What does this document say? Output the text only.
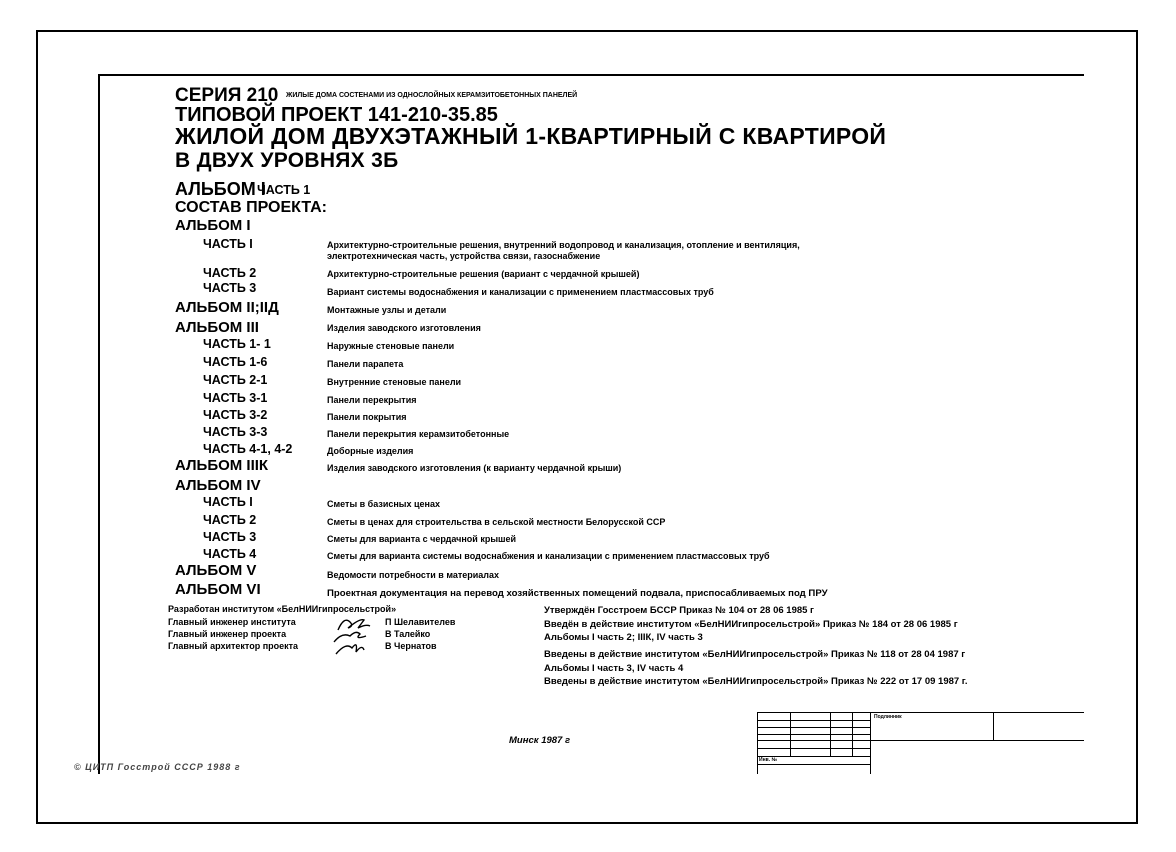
СЕРИЯ 210 ЖИЛЫЕ ДОМА СОСТЕНАМИ ИЗ ОДНОСЛОЙНЫХ КЕРАМЗИТОБЕТОННЫХ ПАНЕЛЕЙ
ТИПОВОЙ ПРОЕКТ 141-210-35.85
ЖИЛОЙ ДОМ ДВУХЭТАЖНЫЙ 1-КВАРТИРНЫЙ С КВАРТИРОЙ
В ДВУХ УРОВНЯХ 3Б
АЛЬБОМ I
ЧАСТЬ 1
СОСТАВ ПРОЕКТА:
АЛЬБОМ I
ЧАСТЬ I	Архитектурно-строительные решения, внутренний водопровод и канализация, отопление и вентиляция,
электротехническая часть, устройства связи, газоснабжение
ЧАСТЬ 2	Архитектурно-строительные решения (вариант с чердачной крышей)
ЧАСТЬ 3	Вариант системы водоснабжения и канализации с применением пластмассовых труб
АЛЬБОМ II;IIД	Монтажные узлы и детали
АЛЬБОМ III	Изделия заводского изготовления
ЧАСТЬ 1- 1	Наружные стеновые панели
ЧАСТЬ 1-6	Панели парапета
ЧАСТЬ 2-1	Внутренние стеновые панели
ЧАСТЬ 3-1	Панели перекрытия
ЧАСТЬ 3-2	Панели покрытия
ЧАСТЬ 3-3	Панели перекрытия керамзитобетонные
ЧАСТЬ 4-1, 4-2	Доборные изделия
АЛЬБОМ IIIК	Изделия заводского изготовления (к варианту чердачной крыши)
АЛЬБОМ IV
ЧАСТЬ I	Сметы в базисных ценах
ЧАСТЬ 2	Сметы в ценах для строительства в сельской местности Белорусской ССР
ЧАСТЬ 3	Сметы для варианта с чердачной крышей
ЧАСТЬ 4	Сметы для варианта системы водоснабжения и канализации с применением пластмассовых труб
АЛЬБОМ V	Ведомости потребности в материалах
АЛЬБОМ VI	Проектная документация на перевод хозяйственных помещений подвала, приспосабливаемых под ПРУ
Разработан институтом «БелНИИгипросельстрой»
Главный инженер института	П Шелавителев
Главный инженер проекта	В Талейко
Главный архитектор проекта	В Чернатов
Утверждён Госстроем БССР Приказ № 104 от 28 06 1985 г
Введён в действие институтом «БелНИИгипросельстрой» Приказ № 184 от 28 06 1985 г
Альбомы I часть 2; IIIК, IV часть 3
Введены в действие институтом «БелНИИгипросельстрой» Приказ № 118 от 28 04 1987 г
Альбомы I часть 3, IV часть 4
Введены в действие институтом «БелНИИгипросельстрой» Приказ № 222 от 17 09 1987 г.
Минск 1987 г
Подлинник
Инв. №
© ЦИТП Госстрой СССР 1988 г
